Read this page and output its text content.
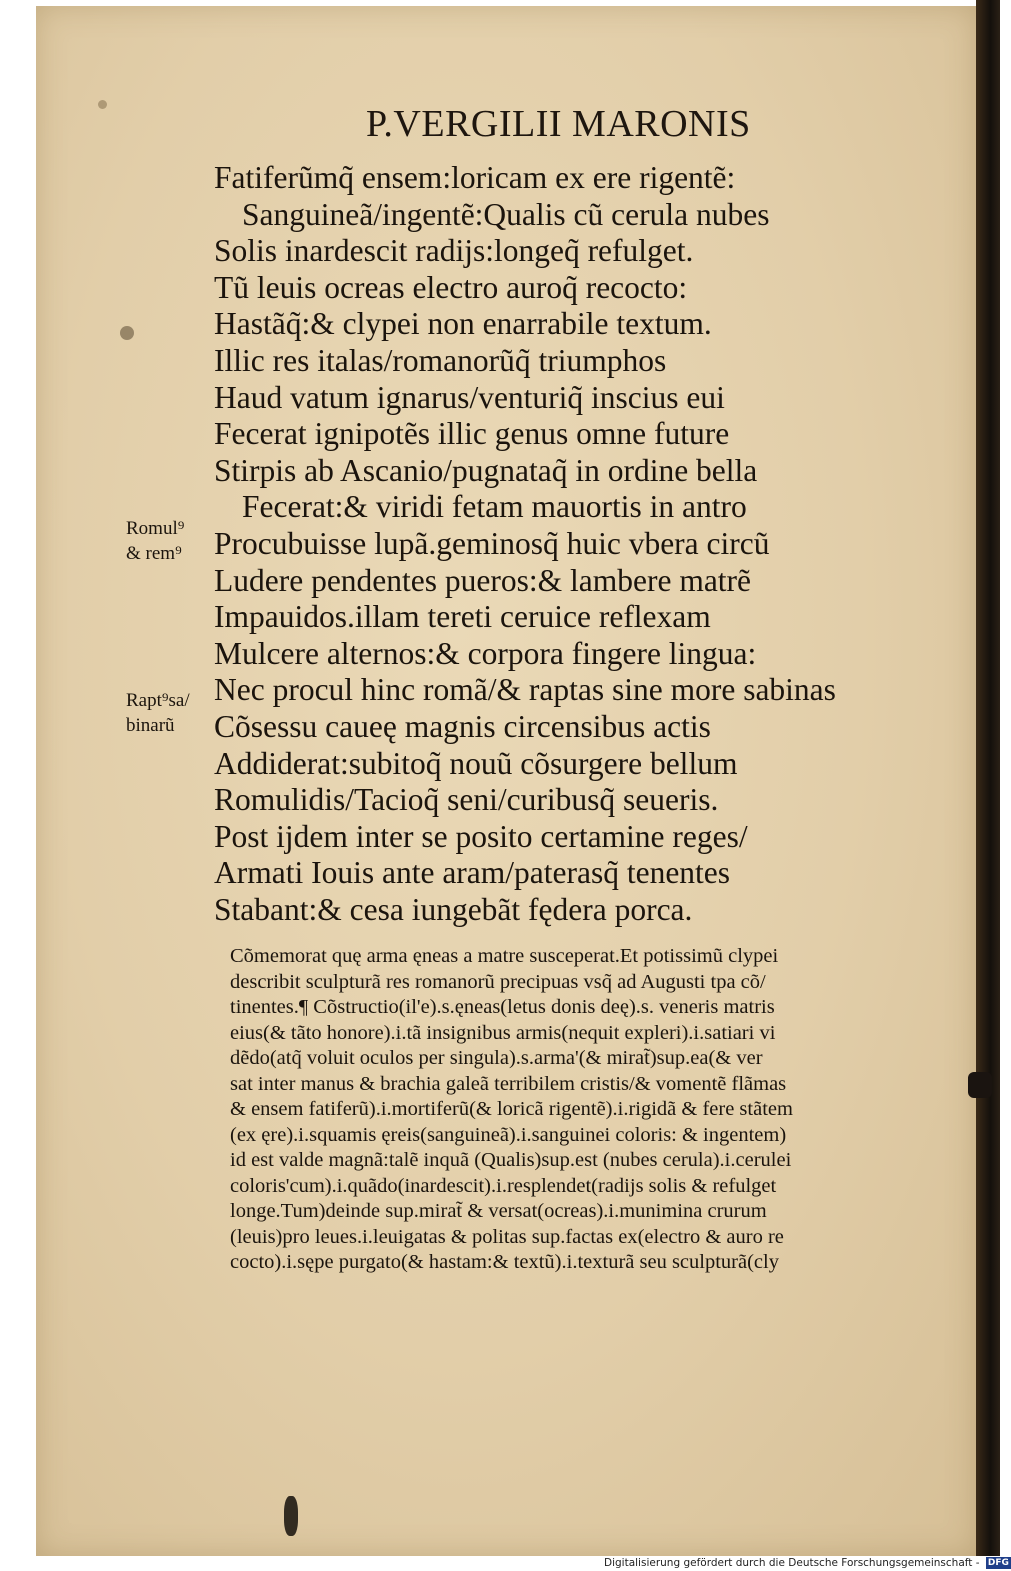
P.VERGILII MARONIS
Fatiferũmq̃ ensem:loricam ex ere rigentẽ:
Sanguineã/ingentẽ:Qualis cũ cerula nubes
Solis inardescit radijs:longeq̃ refulget.
Tũ leuis ocreas electro auroq̃ recocto:
Hastãq̃:& clypei non enarrabile textum.
Illic res italas/romanorũq̃ triumphos
Haud vatum ignarus/venturiq̃ inscius eui
Fecerat ignipotẽs illic genus omne future
Stirpis ab Ascanio/pugnataq̃ in ordine bella
Fecerat:& viridi fetam mauortis in antro
Procubuisse lupã.geminosq̃ huic vbera circũ
Ludere pendentes pueros:& lambere matrẽ
Impauidos.illam tereti ceruice reflexam
Mulcere alternos:& corpora fingere lingua:
Nec procul hinc romã/& raptas sine more sabinas
Cõsessu caueę magnis circensibus actis
Addiderat:subitoq̃ nouũ cõsurgere bellum
Romulidis/Tacioq̃ seni/curibusq̃ seueris.
Post ijdem inter se posito certamine reges/
Armati Iouis ante aram/paterasq̃ tenentes
Stabant:& cesa iungebãt fędera porca.
Romul⁹
& rem⁹
Rapt⁹sa/
binarũ
Cõmemorat quę arma ęneas a matre susceperat.Et potissimũ clypei
describit sculpturã res romanorũ precipuas vsq̃ ad Augusti tpa cõ/
tinentes.¶ Cõstructio(il'e).s.ęneas(letus donis deę).s. veneris matris
eius(& tãto honore).i.tã insignibus armis(nequit expleri).i.satiari vi
dẽdo(atq̃ voluit oculos per singula).s.arma'(& mirat̃)sup.ea(& ver
sat inter manus & brachia galeã terribilem cristis/& vomentẽ flãmas
& ensem fatiferũ).i.mortiferũ(& loricã rigentẽ).i.rigidã & fere stãtem
(ex ęre).i.squamis ęreis(sanguineã).i.sanguinei coloris: & ingentem)
id est valde magnã:talẽ inquã (Qualis)sup.est (nubes cerula).i.cerulei
coloris'cum).i.quãdo(inardescit).i.resplendet(radijs solis & refulget
longe.Tum)deinde sup.mirat̃ & versat(ocreas).i.munimina crurum
(leuis)pro leues.i.leuigatas & politas sup.factas ex(electro & auro re
cocto).i.sępe purgato(& hastam:& textũ).i.texturã seu sculpturã(cly
Digitalisierung gefördert durch die Deutsche Forschungsgemeinschaft - DFG
